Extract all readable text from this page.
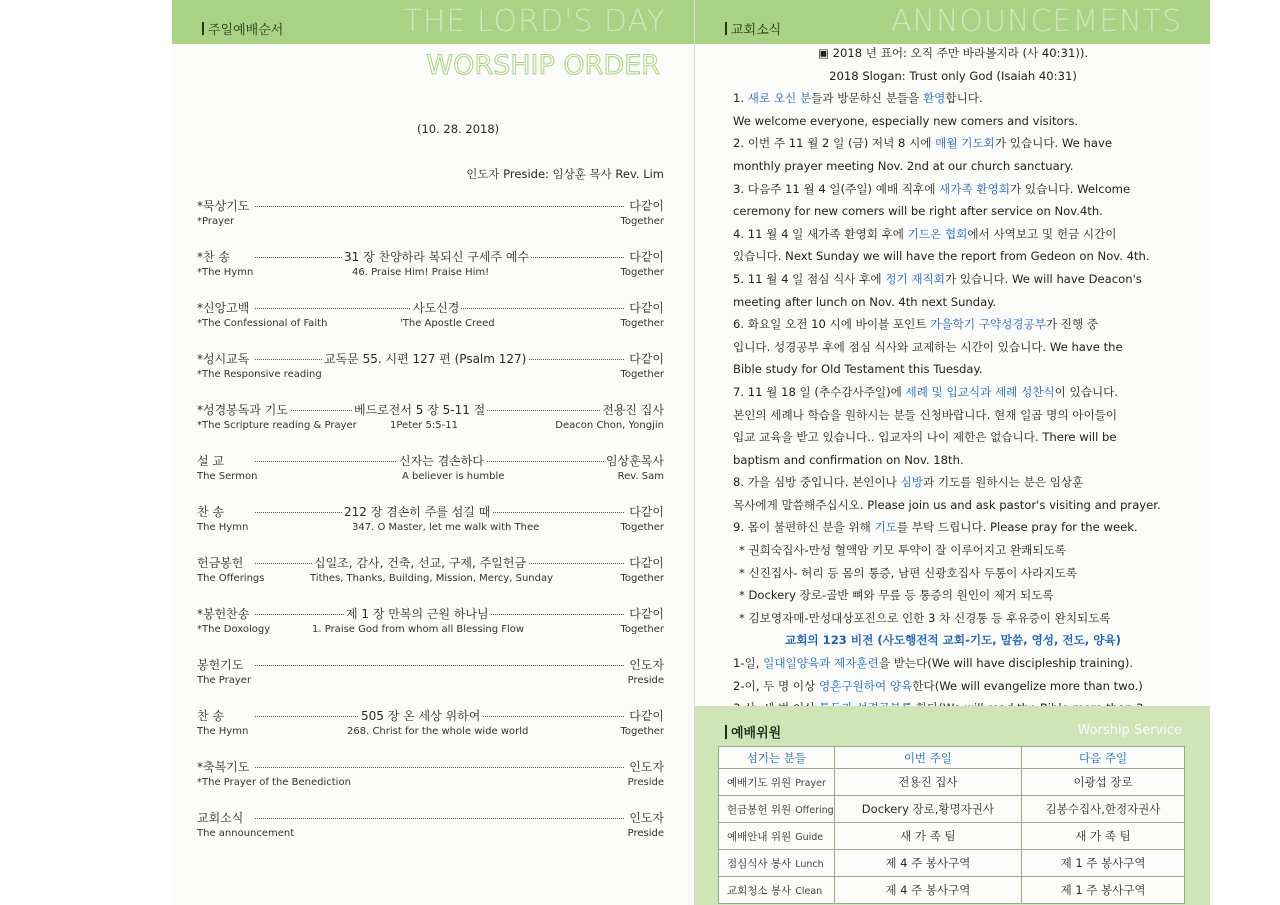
주일예배순서	THE LORD'S DAY
WORSHIP ORDER
(10. 28. 2018)
인도자 Preside: 임상훈 목사 Rev. Lim
*묵상기도	다같이
*Prayer	Together
*찬 송	31 장 찬양하라 복되신 구세주 예수	다같이
*The Hymn	46. Praise Him! Praise Him!	Together
*신앙고백	사도신경	다같이
*The Confessional of Faith	'The Apostle Creed	Together
*성시교독	교독문 55. 시편 127 편 (Psalm 127)	다같이
*The Responsive reading	Together
*성경봉독과 기도	베드로전서 5 장 5-11 절	전용진 집사
*The Scripture reading & Prayer	1Peter 5:5-11	Deacon Chon, Yongjin
설 교	신자는 겸손하다	임상훈목사
The Sermon	A believer is humble	Rev. Sam
찬 송	212 장 겸손히 주를 섬길 때	다같이
The Hymn	347. O Master, let me walk with Thee	Together
헌금봉헌	십일조, 감사, 건축, 선교, 구제, 주일헌금	다같이
The Offerings	Tithes, Thanks, Building, Mission, Mercy, Sunday	Together
*봉헌찬송	제 1 장 만복의 근원 하나님	다같이
*The Doxology	1. Praise God from whom all Blessing Flow	Together
봉헌기도	인도자
The Prayer	Preside
찬 송	505 장 온 세상 위하여	다같이
The Hymn	268. Christ for the whole wide world	Together
*축복기도	인도자
*The Prayer of the Benediction	Preside
교회소식	인도자
The announcement	Preside
교회소식	ANNOUNCEMENTS

▣ 2018 년 표어: 오직 주만 바라볼지라 (사 40:31)).

2018 Slogan: Trust only God (Isaiah 40:31)

1. 새로 오신 분들과 방문하신 분들을 환영합니다.

We welcome everyone, especially new comers and visitors.

2. 이번 주 11 월 2 일 (금) 저녁 8 시에 매월 기도회가 있습니다. We have

monthly prayer meeting Nov. 2nd at our church sanctuary.

3. 다음주 11 월 4 일(주일) 예배 직후에 새가족 환영회가 있습니다. Welcome

ceremony for new comers will be right after service on Nov.4th.

4. 11 월 4 일 새가족 환영회 후에 기드온 협회에서 사역보고 및 헌금 시간이

있습니다. Next Sunday we will have the report from Gedeon on Nov. 4th.

5. 11 월 4 일 점심 식사 후에 정기 재직회가 있습니다. We will have Deacon's

meeting after lunch on Nov. 4th next Sunday.

6. 화요일 오전 10 시에 바이블 포인트 가을학기 구약성경공부가 진행 중

입니다. 성경공부 후에 점심 식사와 교제하는 시간이 있습니다. We have the

Bible study for Old Testament this Tuesday.

7. 11 월 18 일 (추수감사주일)에 세례 및 입교식과 세례 성찬식이 있습니다.

본인의 세례나 학습을 원하시는 분들 신청바랍니다. 현재 일곱 명의 아이들이

입교 교육을 받고 있습니다.. 입교자의 나이 제한은 없습니다. There will be

baptism and confirmation on Nov. 18th.

8. 가을 심방 중입니다. 본인이나 심방과 기도를 원하시는 분은 임상훈

목사에게 말씀해주십시오. Please join us and ask pastor's visiting and prayer.

9. 몸이 불편하신 분을 위해 기도를 부탁 드립니다. Please pray for the week.

* 권희숙집사-만성 혈액암 키모 투약이 잘 이루어지고 완쾌되도록

* 신진집사- 허리 등 몸의 통증, 남편 신광호집사 두통이 사라지도록

* Dockery 장로-골반 뼈와 무릎 등 통증의 원인이 제거 되도록

* 김보영자매-만성대상포진으로 인한 3 차 신경통 등 후유증이 완치되도록

교회의 123 비전 (사도행전적 교회-기도, 말씀, 영성, 전도, 양육)

1-일, 일대일양육과 제자훈련을 받는다(We will have discipleship training).

2-이, 두 명 이상 영혼구원하여 양육한다(We will evangelize more than two.)

예배위원	Worship Service
섬기는 분들	이번 주일	다음 주일
예배기도 위원 Prayer	전용진 집사	이광섭 장로
헌금봉헌 위원 Offering	Dockery 장로,황명자권사	김봉수집사,한정자권사
예배안내 위원 Guide	새 가 족 팀	새 가 족 팀
점심식사 봉사 Lunch	제 4 주 봉사구역	제 1 주 봉사구역
교회청소 봉사 Clean	제 4 주 봉사구역	제 1 주 봉사구역
